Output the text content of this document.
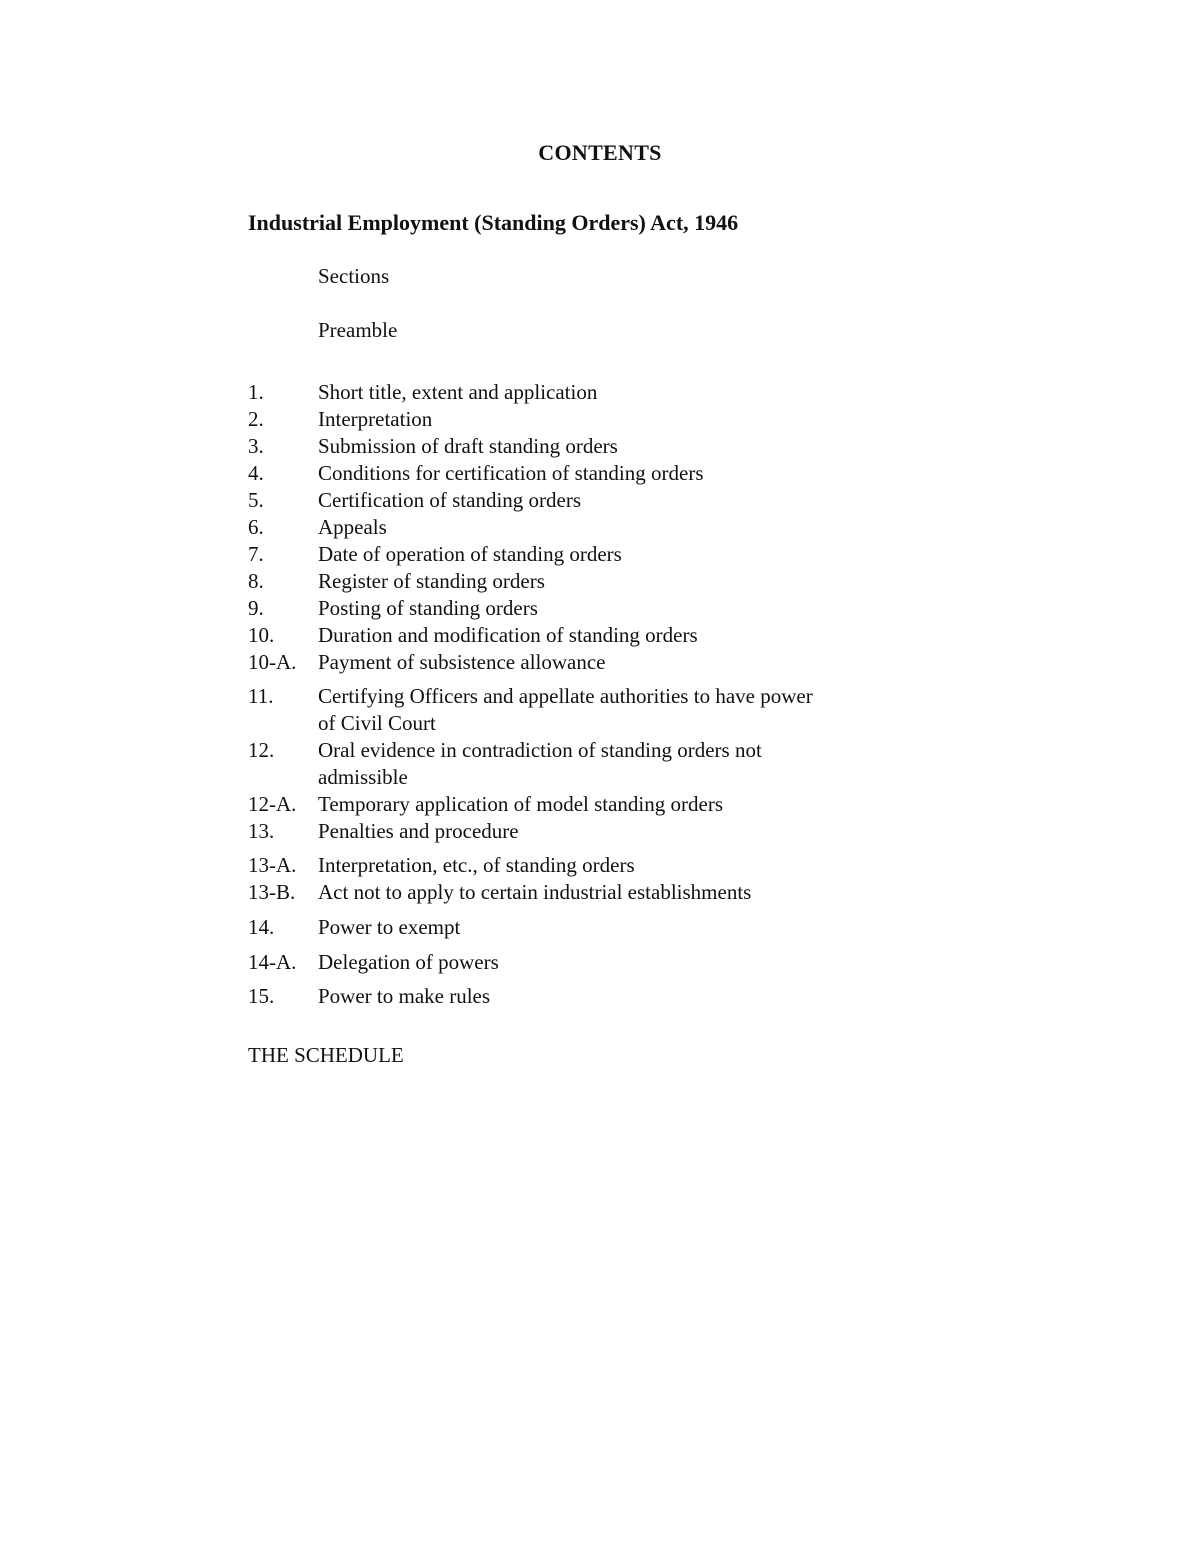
CONTENTS
Industrial Employment (Standing Orders) Act, 1946
Sections
Preamble
1.	Short title, extent and application
2.	Interpretation
3.	Submission of draft standing orders
4.	Conditions for certification of standing orders
5.	Certification of standing orders
6.	Appeals
7.	Date of operation of standing orders
8.	Register of standing orders
9.	Posting of standing orders
10.	Duration and modification of standing orders
10-A.	Payment of subsistence allowance
11.	Certifying Officers and appellate authorities to have power of Civil Court
12.	Oral evidence in contradiction of standing orders not admissible
12-A.	Temporary application of model standing orders
13.	Penalties and procedure
13-A.	Interpretation, etc., of standing orders
13-B.	Act not to apply to certain industrial establishments
14.	Power to exempt
14-A.	Delegation of powers
15.	Power to make rules
THE SCHEDULE
